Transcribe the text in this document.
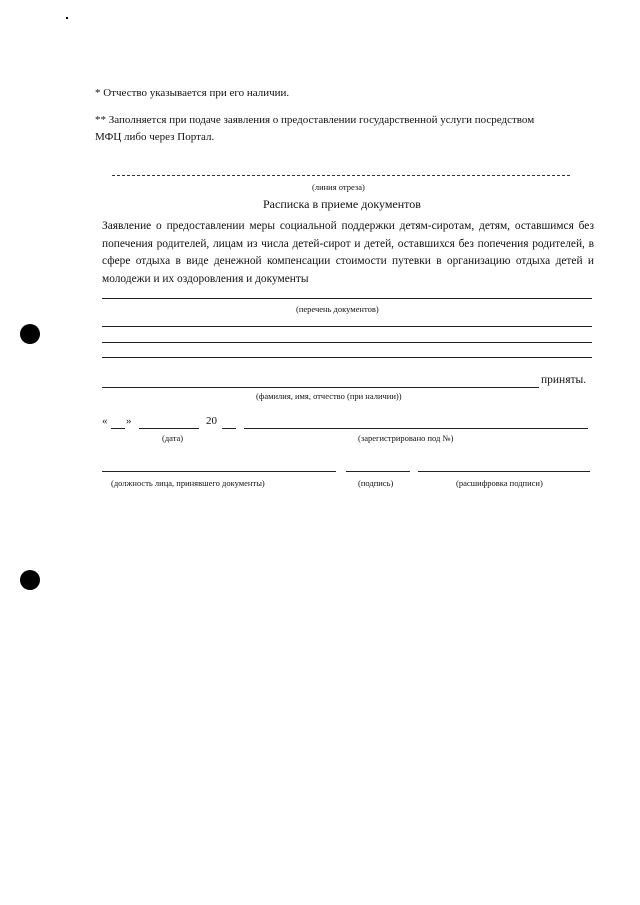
* Отчество указывается при его наличии.
** Заполняется при подаче заявления о предоставлении государственной услуги посредством
МФЦ либо через Портал.
(линия отреза)
Расписка в приеме документов
Заявление о предоставлении меры социальной поддержки детям-сиротам, детям, оставшимся без попечения родителей, лицам из числа детей-сирот и детей, оставшихся без попечения родителей, в сфере отдыха в виде денежной компенсации стоимости путевки в организацию отдыха детей и молодежи и их оздоровления и документы
(перечень документов)
приняты.
(фамилия, имя, отчество (при наличии))
« »	20
(дата)	(зарегистрировано под №)
(должность лица, принявшего документы)	(подпись)	(расшифровка подписи)
